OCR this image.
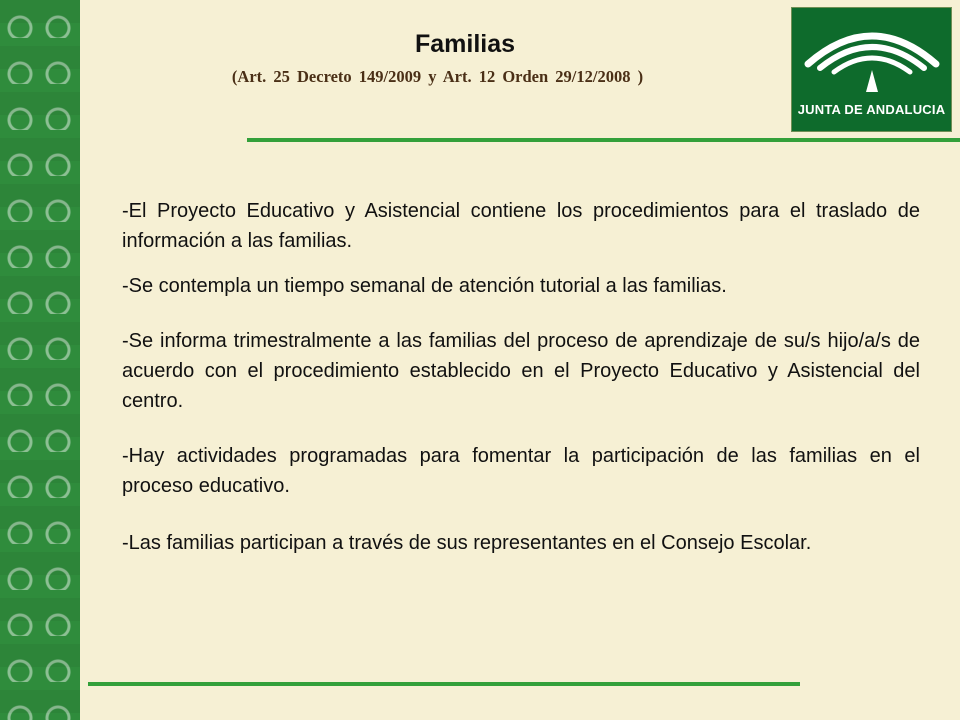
Familias
(Art. 25 Decreto 149/2009 y Art. 12 Orden 29/12/2008 )
JUNTA DE ANDALUCIA

-El Proyecto Educativo y Asistencial contiene los procedimientos para el traslado de información a las familias.

-Se contempla un tiempo semanal de atención tutorial a las familias.

-Se informa trimestralmente a las familias del proceso de aprendizaje de su/s hijo/a/s de acuerdo con el procedimiento establecido en el Proyecto Educativo y Asistencial del centro.

-Hay actividades programadas para fomentar la participación de las familias en el proceso educativo.

-Las familias participan a través de sus representantes en el Consejo Escolar.
